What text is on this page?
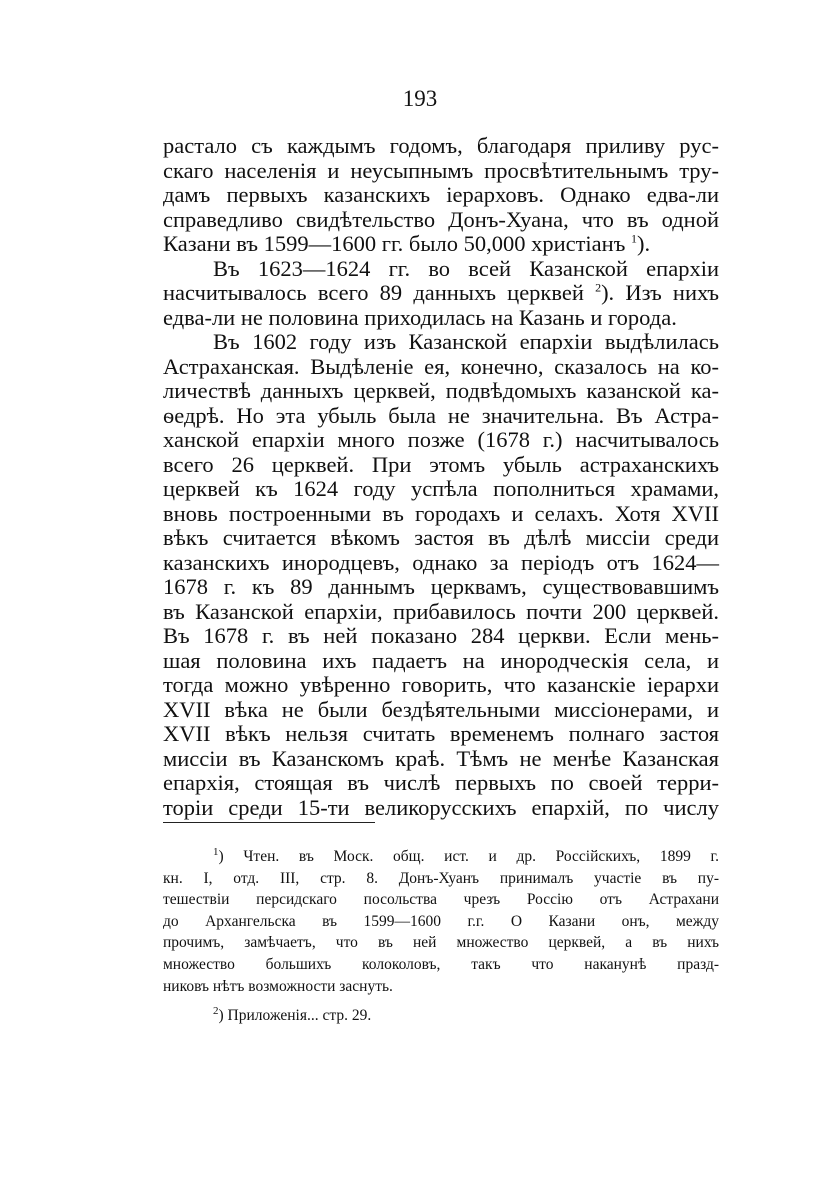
193
растало съ каждымъ годомъ, благодаря приливу рус-
скаго населенія и неусыпнымъ просвѣтительнымъ тру-
дамъ первыхъ казанскихъ іерарховъ. Однако едва-ли
справедливо свидѣтельство Донъ-Хуана, что въ одной
Казани въ 1599—1600 гг. было 50,000 христіанъ $^1$).
Въ 1623—1624 гг. во всей Казанской епархіи
насчитывалось всего 89 данныхъ церквей $^2$). Изъ нихъ
едва-ли не половина приходилась на Казань и города.
Въ 1602 году изъ Казанской епархіи выдѣлилась
Астраханская. Выдѣленіе ея, конечно, сказалось на ко-
личествѣ данныхъ церквей, подвѣдомыхъ казанской ка-
ѳедрѣ. Но эта убыль была не значительна. Въ Астра-
ханской епархіи много позже (1678 г.) насчитывалось
всего 26 церквей. При этомъ убыль астраханскихъ
церквей къ 1624 году успѣла пополниться храмами,
вновь построенными въ городахъ и селахъ. Хотя XVII
вѣкъ считается вѣкомъ застоя въ дѣлѣ миссіи среди
казанскихъ инородцевъ, однако за періодъ отъ 1624—
1678 г. къ 89 даннымъ церквамъ, существовавшимъ
въ Казанской епархіи, прибавилось почти 200 церквей.
Въ 1678 г. въ ней показано 284 церкви. Если мень-
шая половина ихъ падаетъ на инородческія села, и
тогда можно увѣренно говорить, что казанскіе іерархи
XVII вѣка не были бездѣятельными миссіонерами, и
XVII вѣкъ нельзя считать временемъ полнаго застоя
миссіи въ Казанскомъ краѣ. Тѣмъ не менѣе Казанская
епархія, стоящая въ числѣ первыхъ по своей терри-
торіи среди 15-ти великорусскихъ епархій, по числу
$^1$) Чтен. въ Моск. общ. ист. и др. Россійскихъ, 1899 г.
кн. I, отд. III, стр. 8. Донъ-Хуанъ принималъ участіе въ пу-
тешествіи персидскаго посольства чрезъ Россію отъ Астрахани
до Архангельска въ 1599—1600 г.г. О Казани онъ, между
прочимъ, замѣчаетъ, что въ ней множество церквей, а въ нихъ
множество большихъ колоколовъ, такъ что наканунѣ празд-
никовъ нѣтъ возможности заснуть.
$^2$) Приложенія... стр. 29.
